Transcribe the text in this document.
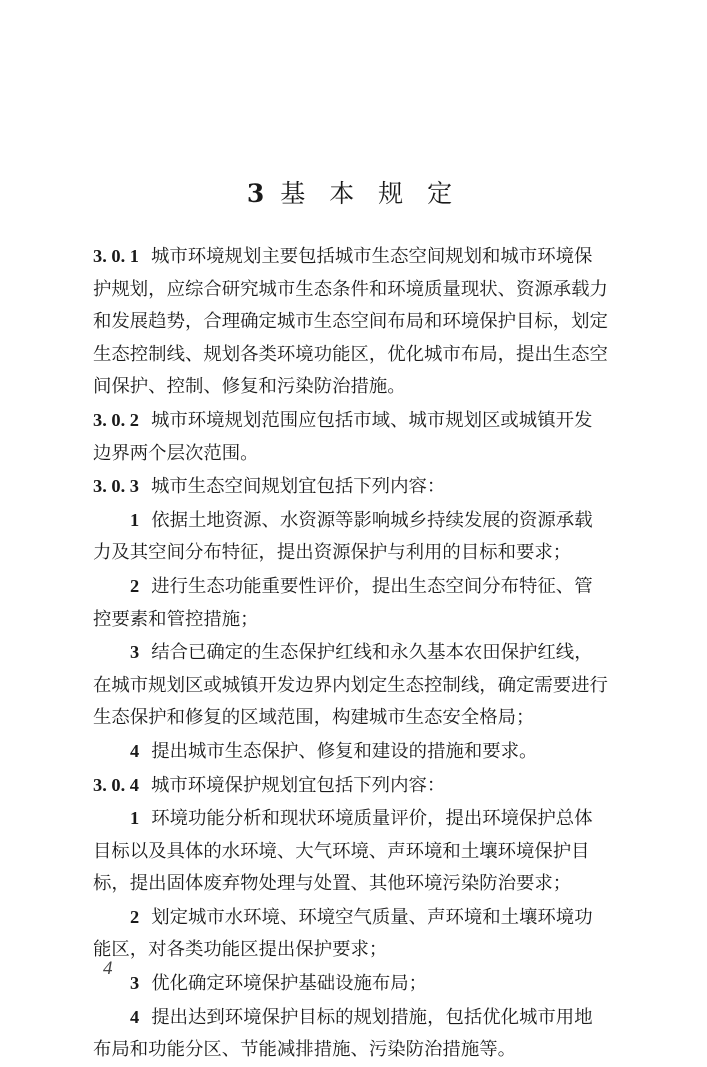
3 基 本 规 定
3. 0. 1 城市环境规划主要包括城市生态空间规划和城市环境保
护规划，应综合研究城市生态条件和环境质量现状、资源承载力
和发展趋势，合理确定城市生态空间布局和环境保护目标，划定
生态控制线、规划各类环境功能区，优化城市布局，提出生态空
间保护、控制、修复和污染防治措施。
3. 0. 2 城市环境规划范围应包括市域、城市规划区或城镇开发
边界两个层次范围。
3. 0. 3 城市生态空间规划宜包括下列内容：
1 依据土地资源、水资源等影响城乡持续发展的资源承载
力及其空间分布特征，提出资源保护与利用的目标和要求；
2 进行生态功能重要性评价，提出生态空间分布特征、管
控要素和管控措施；
3 结合已确定的生态保护红线和永久基本农田保护红线，
在城市规划区或城镇开发边界内划定生态控制线，确定需要进行
生态保护和修复的区域范围，构建城市生态安全格局；
4 提出城市生态保护、修复和建设的措施和要求。
3. 0. 4 城市环境保护规划宜包括下列内容：
1 环境功能分析和现状环境质量评价，提出环境保护总体
目标以及具体的水环境、大气环境、声环境和土壤环境保护目
标，提出固体废弃物处理与处置、其他环境污染防治要求；
2 划定城市水环境、环境空气质量、声环境和土壤环境功
能区，对各类功能区提出保护要求；
3 优化确定环境保护基础设施布局；
4 提出达到环境保护目标的规划措施，包括优化城市用地
布局和功能分区、节能减排措施、污染防治措施等。
4
